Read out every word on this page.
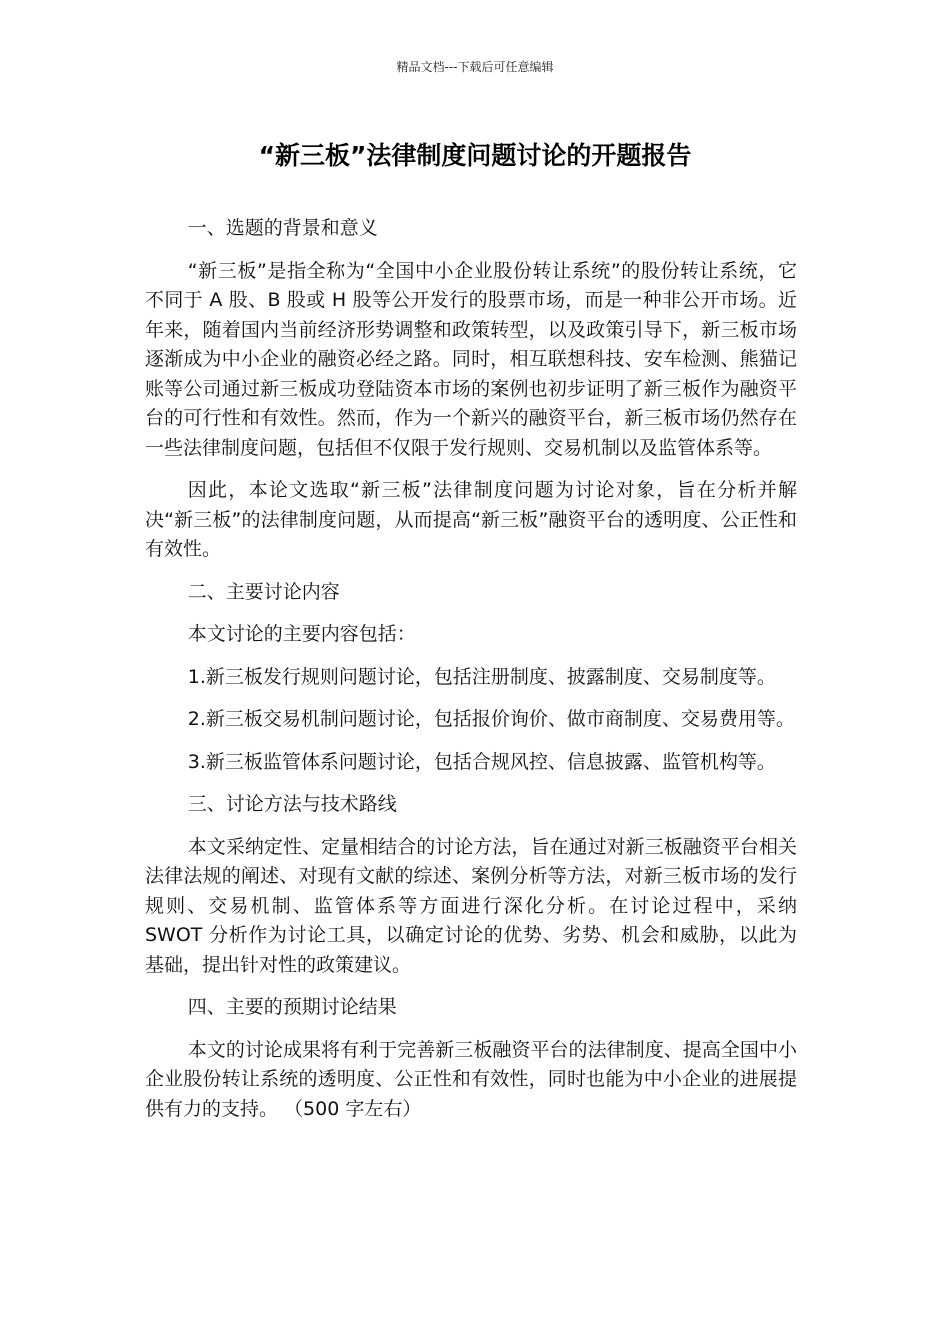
精品文档---下载后可任意编辑
“新三板”法律制度问题讨论的开题报告

一、选题的背景和意义

“新三板”是指全称为“全国中小企业股份转让系统”的股份转让系统，它不同于 A 股、B 股或 H 股等公开发行的股票市场，而是一种非公开市场。近年来，随着国内当前经济形势调整和政策转型，以及政策引导下，新三板市场逐渐成为中小企业的融资必经之路。同时，相互联想科技、安车检测、熊猫记账等公司通过新三板成功登陆资本市场的案例也初步证明了新三板作为融资平台的可行性和有效性。然而，作为一个新兴的融资平台，新三板市场仍然存在一些法律制度问题，包括但不仅限于发行规则、交易机制以及监管体系等。

因此，本论文选取“新三板”法律制度问题为讨论对象，旨在分析并解决“新三板”的法律制度问题，从而提高“新三板”融资平台的透明度、公正性和有效性。

二、主要讨论内容

本文讨论的主要内容包括：

1.新三板发行规则问题讨论，包括注册制度、披露制度、交易制度等。

2.新三板交易机制问题讨论，包括报价询价、做市商制度、交易费用等。

3.新三板监管体系问题讨论，包括合规风控、信息披露、监管机构等。

三、讨论方法与技术路线

本文采纳定性、定量相结合的讨论方法，旨在通过对新三板融资平台相关法律法规的阐述、对现有文献的综述、案例分析等方法，对新三板市场的发行规则、交易机制、监管体系等方面进行深化分析。在讨论过程中，采纳 SWOT 分析作为讨论工具，以确定讨论的优势、劣势、机会和威胁，以此为基础，提出针对性的政策建议。

四、主要的预期讨论结果

本文的讨论成果将有利于完善新三板融资平台的法律制度、提高全国中小企业股份转让系统的透明度、公正性和有效性，同时也能为中小企业的进展提供有力的支持。 （500 字左右）
